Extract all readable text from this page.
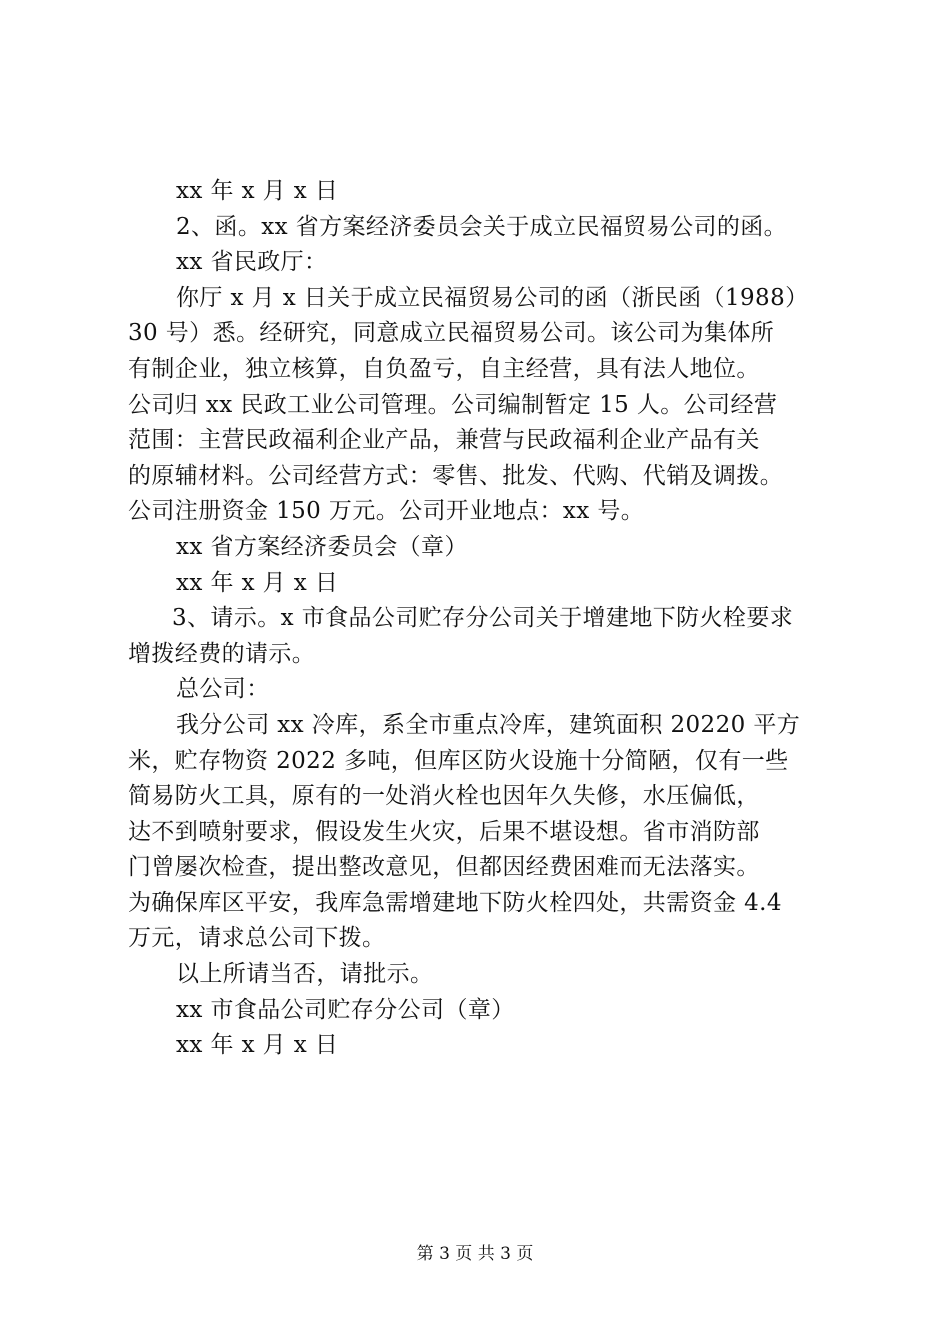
xx 年 x 月 x 日
2、函。xx 省方案经济委员会关于成立民福贸易公司的函。
xx 省民政厅：
你厅 x 月 x 日关于成立民福贸易公司的函（浙民函（1988）
30 号）悉。经研究，同意成立民福贸易公司。该公司为集体所
有制企业，独立核算，自负盈亏，自主经营，具有法人地位。
公司归 xx 民政工业公司管理。公司编制暂定 15 人。公司经营
范围：主营民政福利企业产品，兼营与民政福利企业产品有关
的原辅材料。公司经营方式：零售、批发、代购、代销及调拨。
公司注册资金 150 万元。公司开业地点：xx 号。
xx 省方案经济委员会（章）
xx 年 x 月 x 日
3、请示。x 市食品公司贮存分公司关于增建地下防火栓要求
增拨经费的请示。
总公司：
我分公司 xx 冷库，系全市重点冷库，建筑面积 20220 平方
米，贮存物资 2022 多吨，但库区防火设施十分简陋，仅有一些
简易防火工具，原有的一处消火栓也因年久失修，水压偏低，
达不到喷射要求，假设发生火灾，后果不堪设想。省市消防部
门曾屡次检查，提出整改意见，但都因经费困难而无法落实。
为确保库区平安，我库急需增建地下防火栓四处，共需资金 4.4
万元，请求总公司下拨。
以上所请当否，请批示。
xx 市食品公司贮存分公司（章）
xx 年 x 月 x 日
第 3 页 共 3 页
